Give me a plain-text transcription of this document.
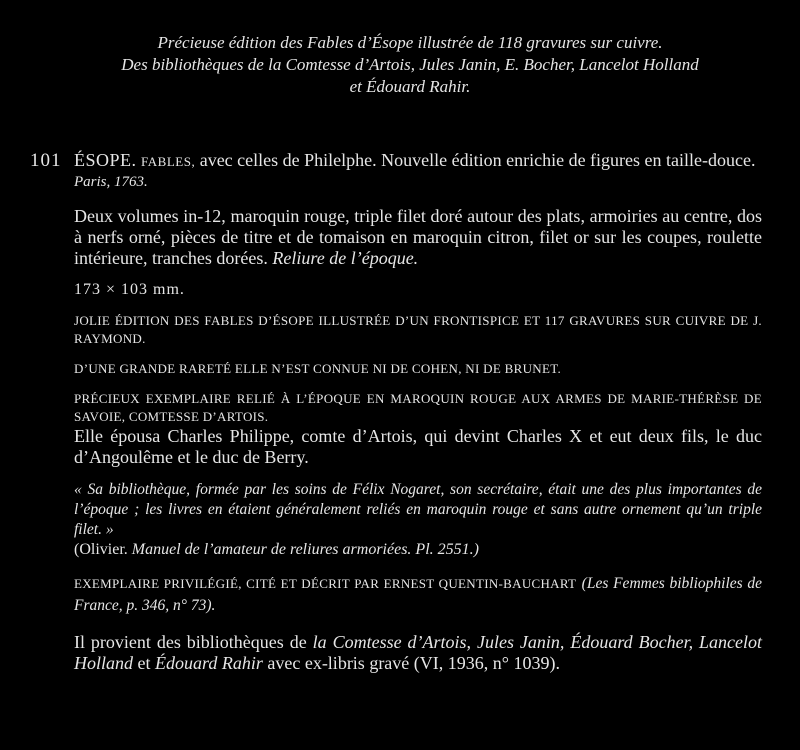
Précieuse édition des Fables d’Ésope illustrée de 118 gravures sur cuivre.
Des bibliothèques de la Comtesse d’Artois, Jules Janin, E. Bocher, Lancelot Holland
et Édouard Rahir.
101 ÉSOPE. FABLES, avec celles de Philelphe. Nouvelle édition enrichie de figures en taille-douce.
Paris, 1763.
Deux volumes in-12, maroquin rouge, triple filet doré autour des plats, armoiries au centre, dos à nerfs orné, pièces de titre et de tomaison en maroquin citron, filet or sur les coupes, roulette intérieure, tranches dorées. Reliure de l’époque.
173 × 103 mm.
JOLIE ÉDITION DES FABLES D’ÉSOPE ILLUSTRÉE D’UN FRONTISPICE ET 117 GRAVURES SUR CUIVRE DE J. RAYMOND.
D’UNE GRANDE RARETÉ ELLE N’EST CONNUE NI DE COHEN, NI DE BRUNET.
PRÉCIEUX EXEMPLAIRE RELIÉ À L’ÉPOQUE EN MAROQUIN ROUGE AUX ARMES DE MARIE-THÉRÈSE DE SAVOIE, COMTESSE D’ARTOIS.
Elle épousa Charles Philippe, comte d’Artois, qui devint Charles X et eut deux fils, le duc d’Angoulême et le duc de Berry.
« Sa bibliothèque, formée par les soins de Félix Nogaret, son secrétaire, était une des plus importantes de l’époque ; les livres en étaient généralement reliés en maroquin rouge et sans autre ornement qu’un triple filet. »
(Olivier. Manuel de l’amateur de reliures armoriées. Pl. 2551.)
EXEMPLAIRE PRIVILÉGIÉ, CITÉ ET DÉCRIT PAR ERNEST QUENTIN-BAUCHART (Les Femmes bibliophiles de France, p. 346, n° 73).
Il provient des bibliothèques de la Comtesse d’Artois, Jules Janin, Édouard Bocher, Lancelot Holland et Édouard Rahir avec ex-libris gravé (VI, 1936, n° 1039).
